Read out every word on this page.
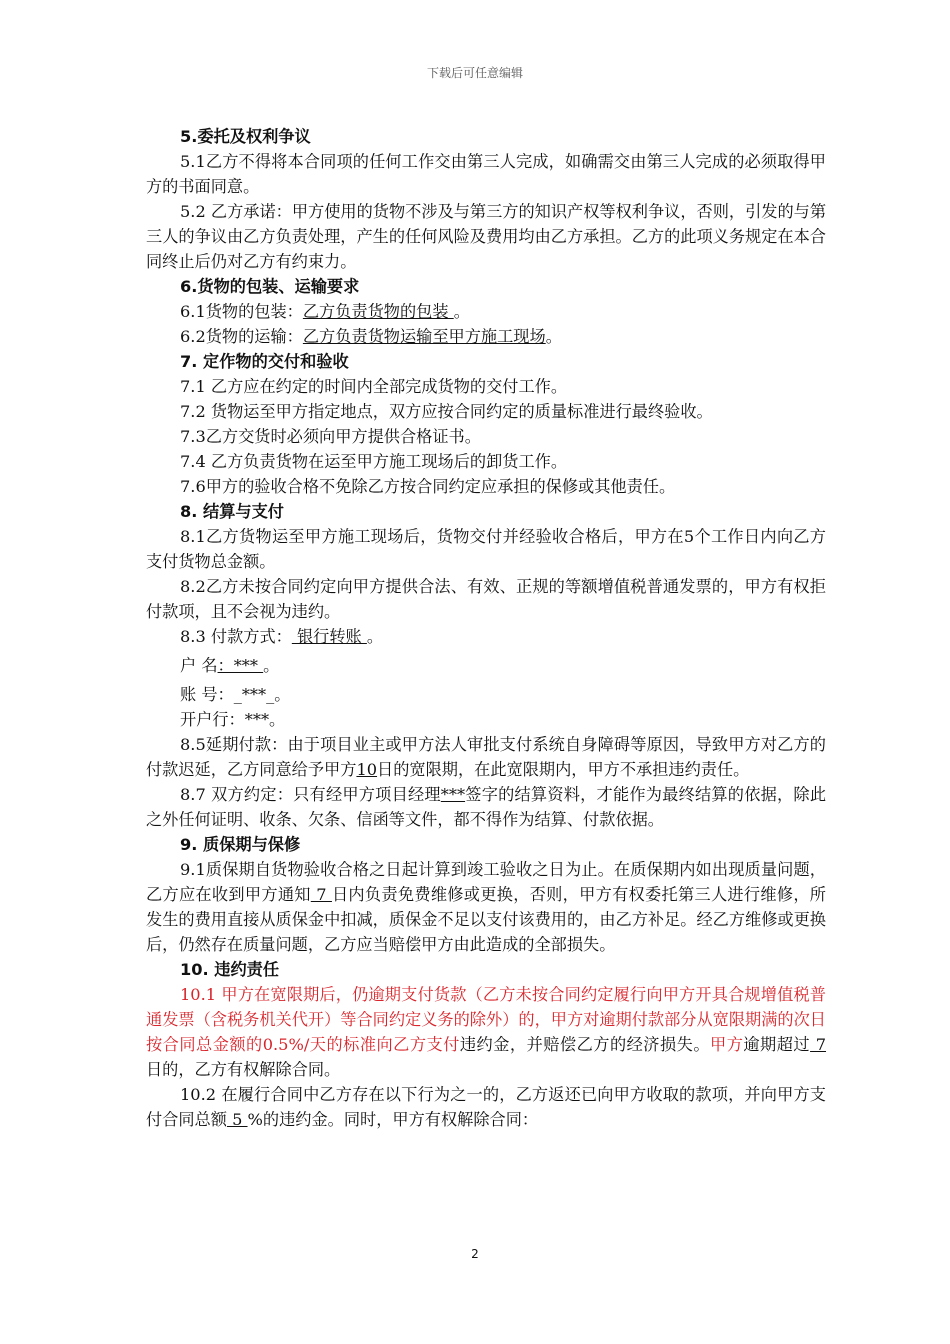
下载后可任意编辑
5.委托及权利争议
5.1乙方不得将本合同项的任何工作交由第三人完成，如确需交由第三人完成的必须取得甲方的书面同意。
5.2 乙方承诺：甲方使用的货物不涉及与第三方的知识产权等权利争议，否则，引发的与第三人的争议由乙方负责处理，产生的任何风险及费用均由乙方承担。乙方的此项义务规定在本合同终止后仍对乙方有约束力。
6.货物的包装、运输要求
6.1货物的包装：乙方负责货物的包装 。
6.2货物的运输：乙方负责货物运输至甲方施工现场。
7. 定作物的交付和验收
7.1 乙方应在约定的时间内全部完成货物的交付工作。
7.2 货物运至甲方指定地点，双方应按合同约定的质量标准进行最终验收。
7.3乙方交货时必须向甲方提供合格证书。
7.4 乙方负责货物在运至甲方施工现场后的卸货工作。
7.6甲方的验收合格不免除乙方按合同约定应承担的保修或其他责任。
8. 结算与支付
8.1乙方货物运至甲方施工现场后，货物交付并经验收合格后，甲方在5个工作日内向乙方支付货物总金额。
8.2乙方未按合同约定向甲方提供合法、有效、正规的等额增值税普通发票的，甲方有权拒付款项，且不会视为违约。
8.3 付款方式： 银行转账 。
户 名：*** 。
账 号：_***_。
开户行：***。
8.5延期付款：由于项目业主或甲方法人审批支付系统自身障碍等原因，导致甲方对乙方的付款迟延，乙方同意给予甲方10日的宽限期，在此宽限期内，甲方不承担违约责任。
8.7 双方约定：只有经甲方项目经理***签字的结算资料，才能作为最终结算的依据，除此之外任何证明、收条、欠条、信函等文件，都不得作为结算、付款依据。
9. 质保期与保修
9.1质保期自货物验收合格之日起计算到竣工验收之日为止。在质保期内如出现质量问题，乙方应在收到甲方通知 7 日内负责免费维修或更换，否则，甲方有权委托第三人进行维修，所发生的费用直接从质保金中扣减，质保金不足以支付该费用的，由乙方补足。经乙方维修或更换后，仍然存在质量问题，乙方应当赔偿甲方由此造成的全部损失。
10. 违约责任
10.1 甲方在宽限期后，仍逾期支付货款（乙方未按合同约定履行向甲方开具合规增值税普通发票（含税务机关代开）等合同约定义务的除外）的，甲方对逾期付款部分从宽限期满的次日按合同总金额的0.5%/天的标准向乙方支付违约金，并赔偿乙方的经济损失。甲方逾期超过 7 日的，乙方有权解除合同。
10.2 在履行合同中乙方存在以下行为之一的，乙方返还已向甲方收取的款项，并向甲方支付合同总额 5 %的违约金。同时，甲方有权解除合同：
2
